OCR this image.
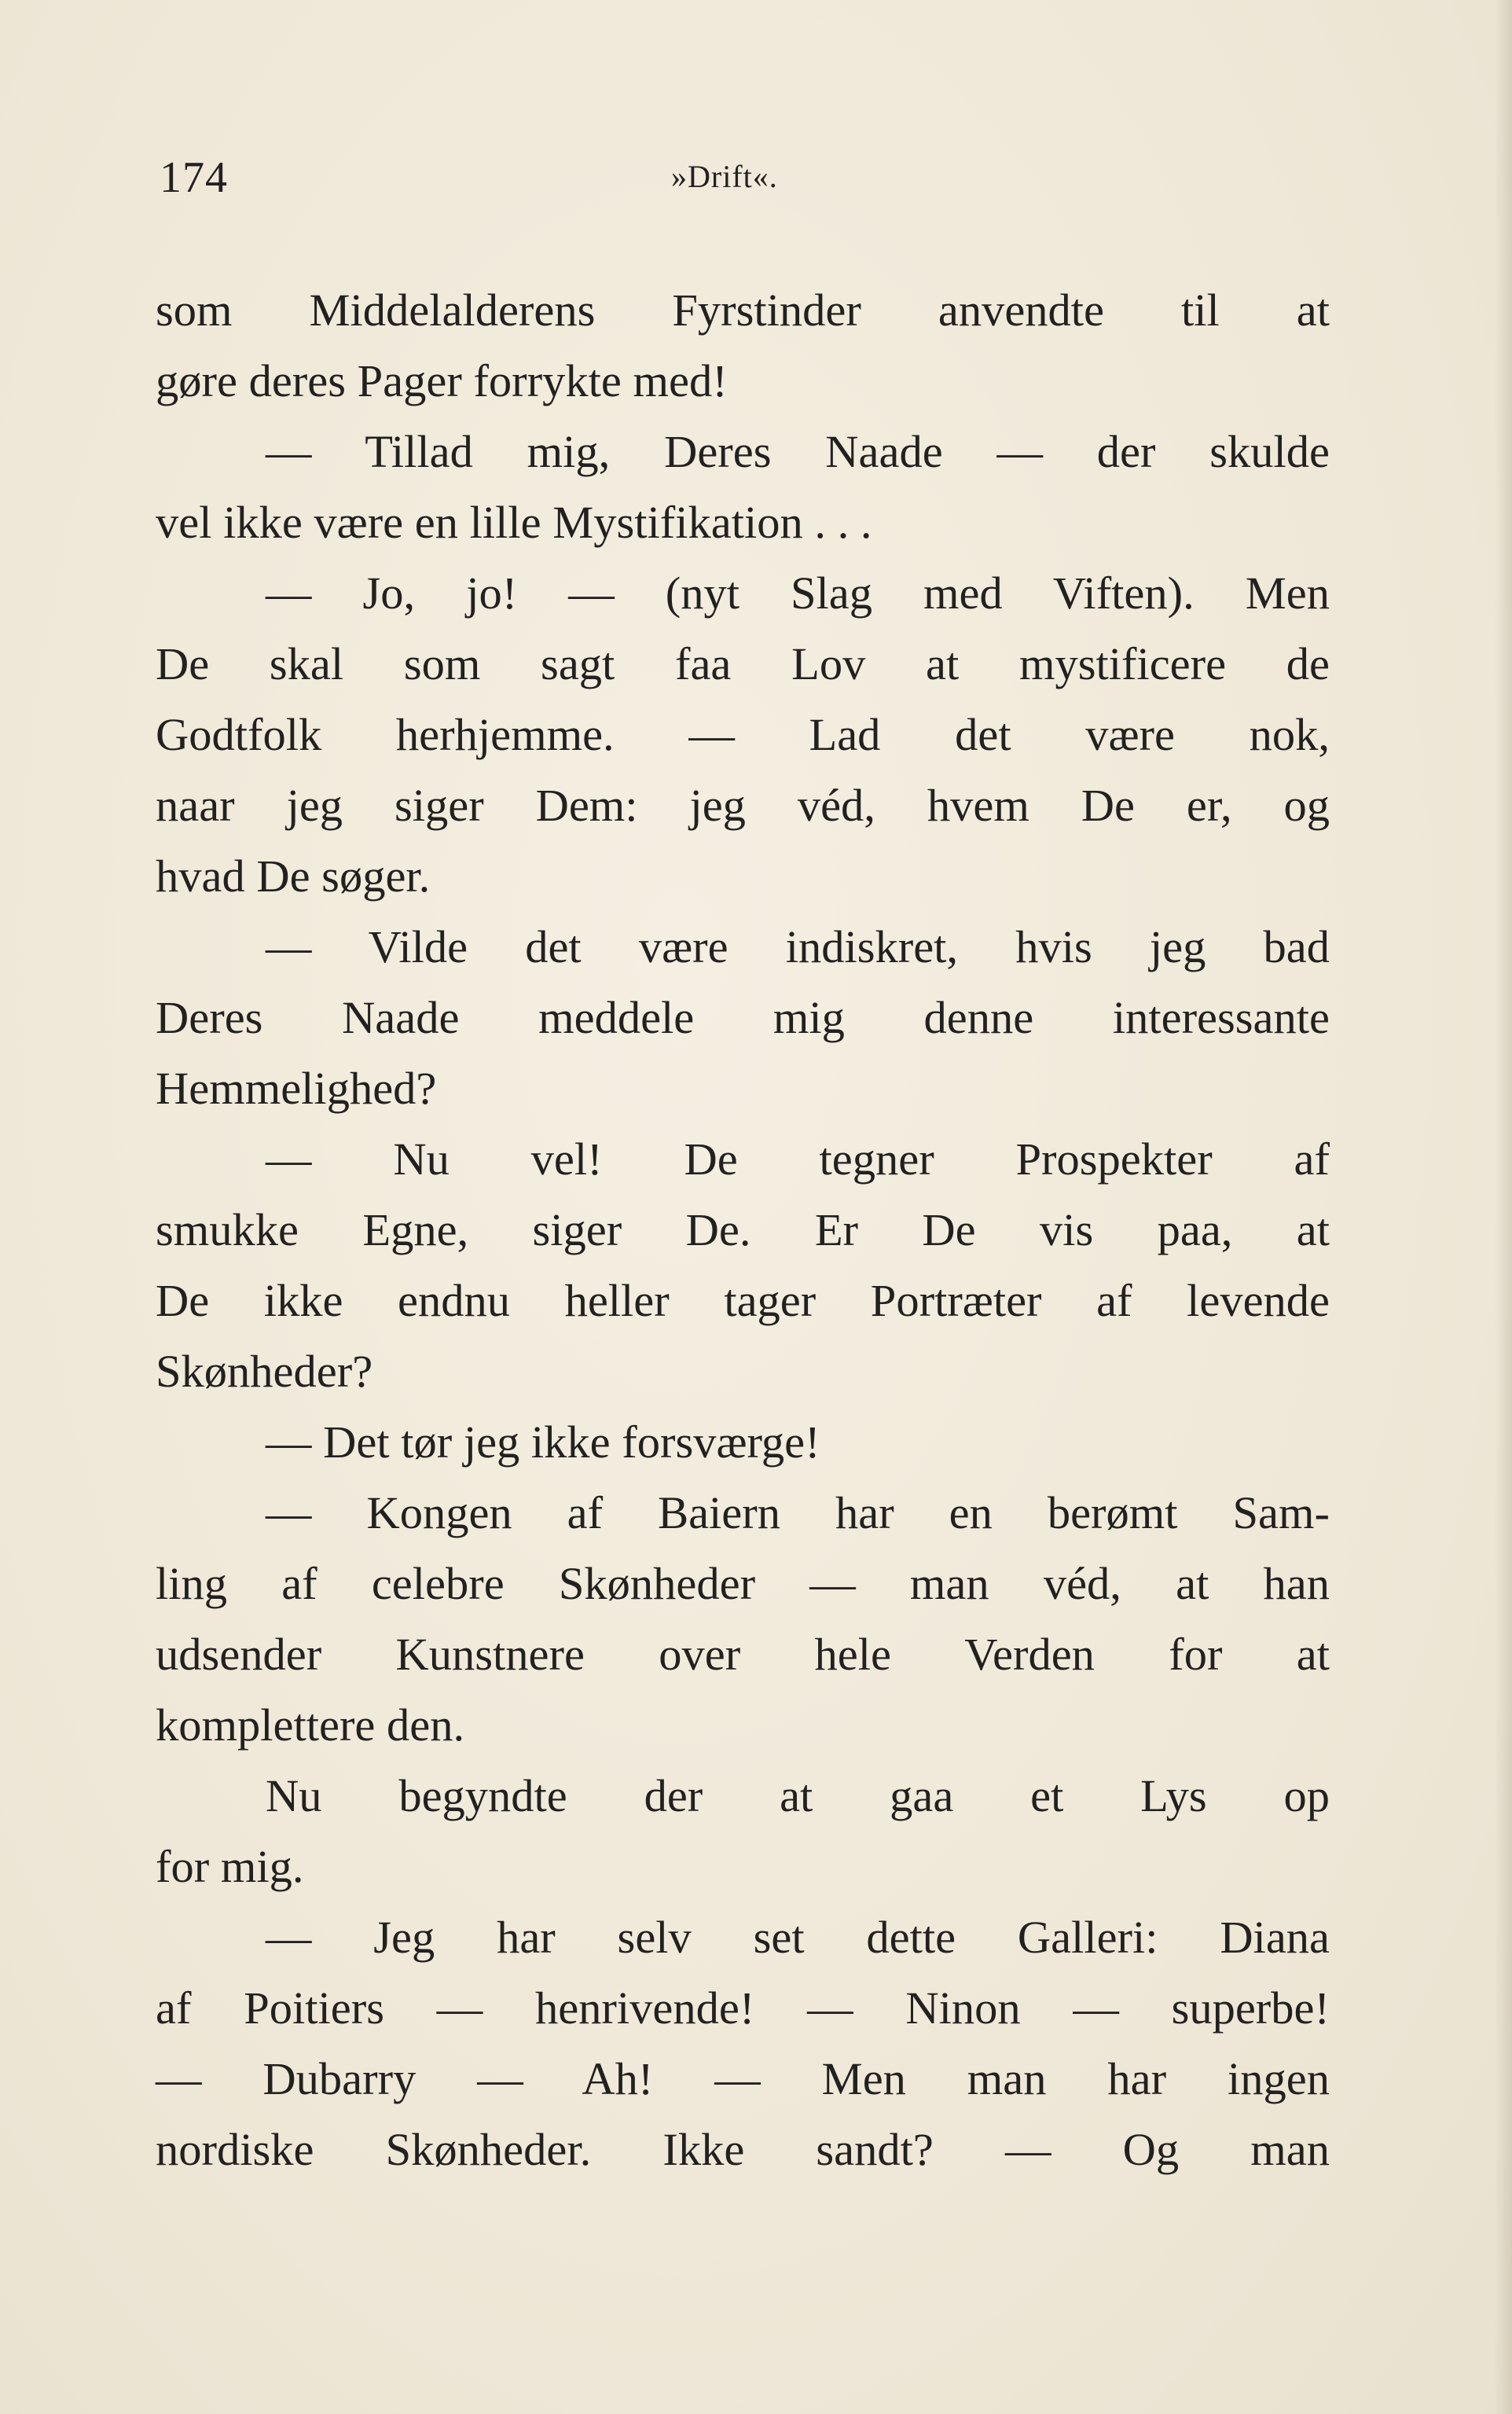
174	»Drift«.
som Middelalderens Fyrstinder anvendte til at
gøre deres Pager forrykte med!
— Tillad mig, Deres Naade — der skulde
vel ikke være en lille Mystifikation . . .
— Jo, jo! — (nyt Slag med Viften). Men
De skal som sagt faa Lov at mystificere de
Godtfolk herhjemme. — Lad det være nok,
naar jeg siger Dem: jeg véd, hvem De er, og
hvad De søger.
— Vilde det være indiskret, hvis jeg bad
Deres Naade meddele mig denne interessante
Hemmelighed?
— Nu vel! De tegner Prospekter af
smukke Egne, siger De. Er De vis paa, at
De ikke endnu heller tager Portræter af levende
Skønheder?
— Det tør jeg ikke forsværge!
— Kongen af Baiern har en berømt Sam-
ling af celebre Skønheder — man véd, at han
udsender Kunstnere over hele Verden for at
komplettere den.
Nu begyndte der at gaa et Lys op
for mig.
— Jeg har selv set dette Galleri: Diana
af Poitiers — henrivende! — Ninon — superbe!
— Dubarry — Ah! — Men man har ingen
nordiske Skønheder. Ikke sandt? — Og man
